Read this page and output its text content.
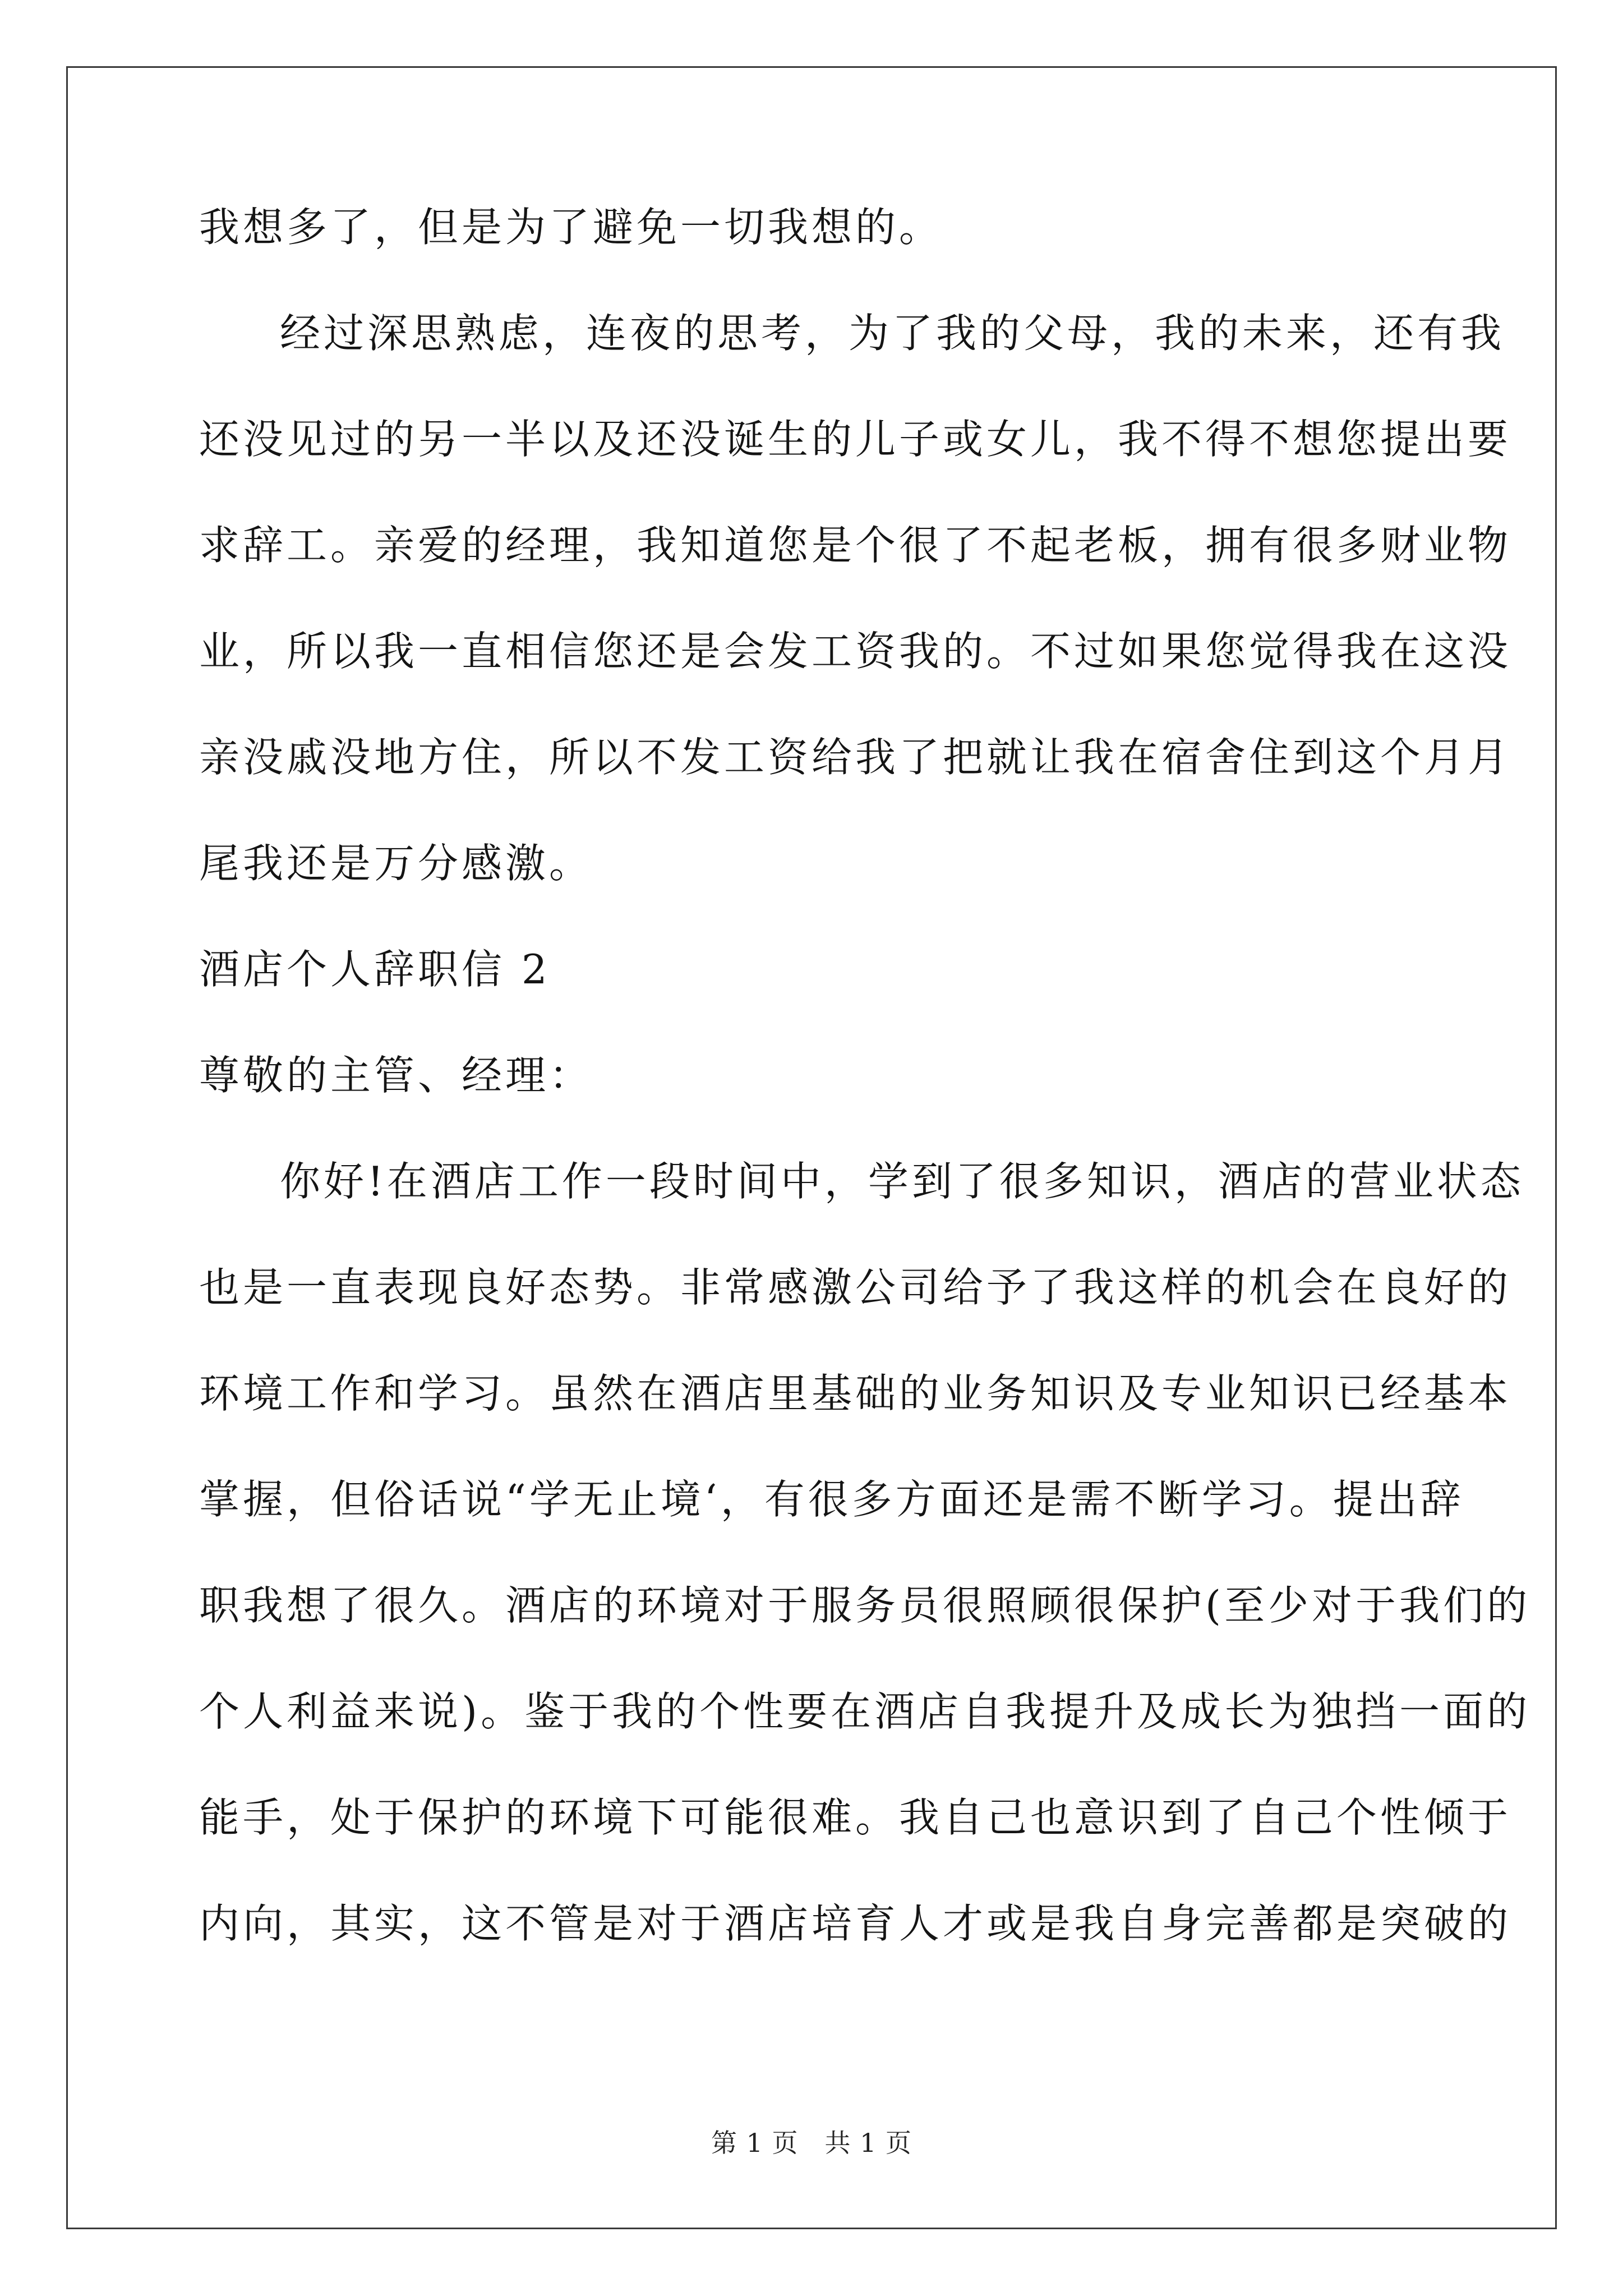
我想多了，但是为了避免一切我想的。
经过深思熟虑，连夜的思考，为了我的父母，我的未来，还有我
还没见过的另一半以及还没诞生的儿子或女儿，我不得不想您提出要
求辞工。亲爱的经理，我知道您是个很了不起老板，拥有很多财业物
业，所以我一直相信您还是会发工资我的。不过如果您觉得我在这没
亲没戚没地方住，所以不发工资给我了把就让我在宿舍住到这个月月
尾我还是万分感激。
酒店个人辞职信 2
尊敬的主管、经理：
你好!在酒店工作一段时间中，学到了很多知识，酒店的营业状态
也是一直表现良好态势。非常感激公司给予了我这样的机会在良好的
环境工作和学习。虽然在酒店里基础的业务知识及专业知识已经基本
掌握，但俗话说“学无止境‘，有很多方面还是需不断学习。提出辞
职我想了很久。酒店的环境对于服务员很照顾很保护(至少对于我们的
个人利益来说)。鉴于我的个性要在酒店自我提升及成长为独挡一面的
能手，处于保护的环境下可能很难。我自己也意识到了自己个性倾于
内向，其实，这不管是对于酒店培育人才或是我自身完善都是突破的
第 1 页　共 1 页
